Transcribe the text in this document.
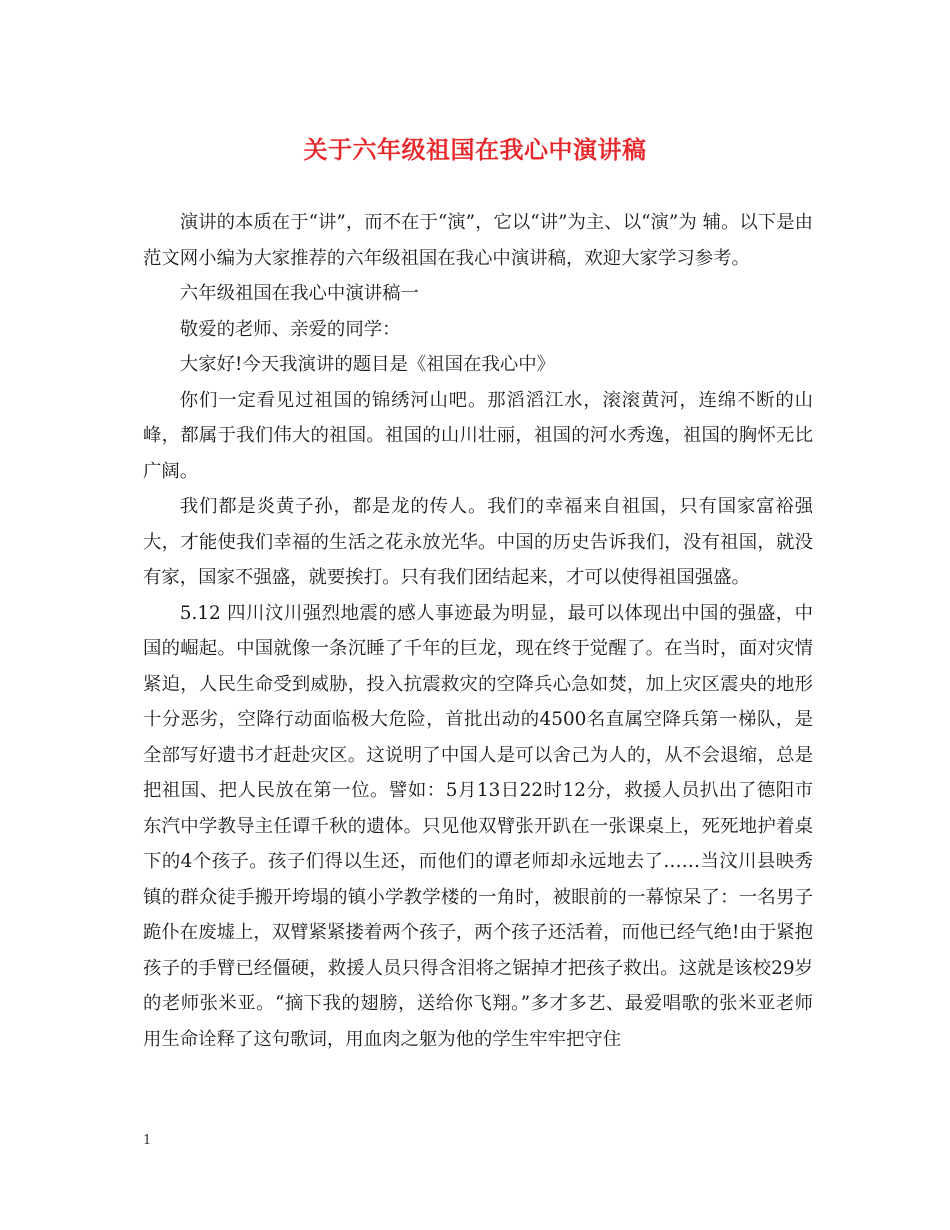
关于六年级祖国在我心中演讲稿

演讲的本质在于“讲”，而不在于“演”，它以“讲”为主、以“演”为 辅。以下是由范文网小编为大家推荐的六年级祖国在我心中演讲稿，欢迎大家学习参考。

六年级祖国在我心中演讲稿一

敬爱的老师、亲爱的同学：

大家好!今天我演讲的题目是《祖国在我心中》

你们一定看见过祖国的锦绣河山吧。那滔滔江水，滚滚黄河，连绵不断的山峰，都属于我们伟大的祖国。祖国的山川壮丽，祖国的河水秀逸，祖国的胸怀无比广阔。

我们都是炎黄子孙，都是龙的传人。我们的幸福来自祖国，只有国家富裕强大，才能使我们幸福的生活之花永放光华。中国的历史告诉我们，没有祖国，就没有家，国家不强盛，就要挨打。只有我们团结起来，才可以使得祖国强盛。

5.12 四川汶川强烈地震的感人事迹最为明显，最可以体现出中国的强盛，中国的崛起。中国就像一条沉睡了千年的巨龙，现在终于觉醒了。在当时，面对灾情紧迫，人民生命受到威胁，投入抗震救灾的空降兵心急如焚，加上灾区震央的地形十分恶劣，空降行动面临极大危险，首批出动的4500名直属空降兵第一梯队，是全部写好遗书才赶赴灾区。这说明了中国人是可以舍己为人的，从不会退缩，总是把祖国、把人民放在第一位。譬如：5月13日22时12分，救援人员扒出了德阳市东汽中学教导主任谭千秋的遗体。只见他双臂张开趴在一张课桌上，死死地护着桌下的4个孩子。孩子们得以生还，而他们的谭老师却永远地去了……当汶川县映秀镇的群众徒手搬开垮塌的镇小学教学楼的一角时，被眼前的一幕惊呆了：一名男子跪仆在废墟上，双臂紧紧搂着两个孩子，两个孩子还活着，而他已经气绝!由于紧抱孩子的手臂已经僵硬，救援人员只得含泪将之锯掉才把孩子救出。这就是该校29岁的老师张米亚。“摘下我的翅膀，送给你飞翔。”多才多艺、最爱唱歌的张米亚老师用生命诠释了这句歌词，用血肉之躯为他的学生牢牢把守住

1
